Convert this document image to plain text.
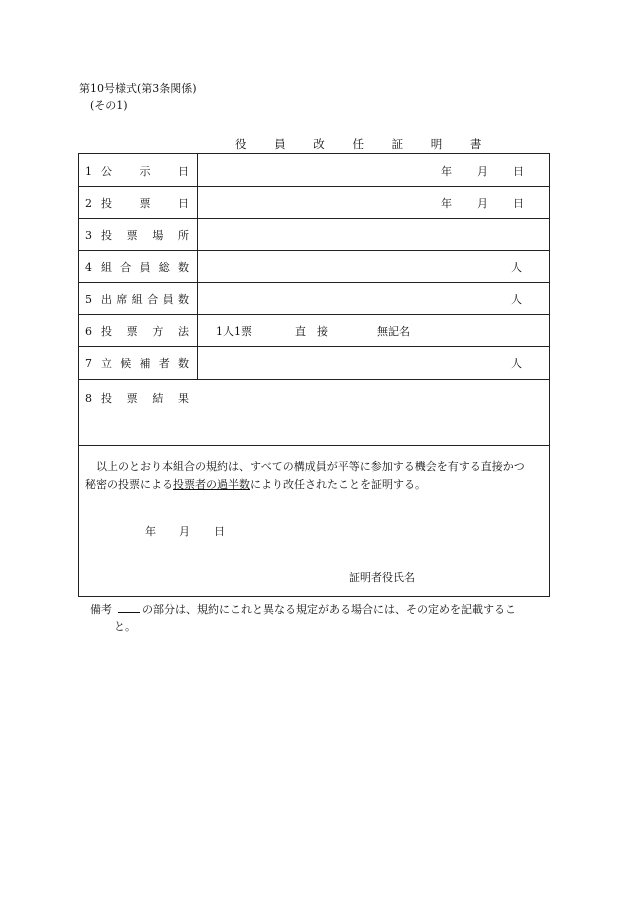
第10号様式(第3条関係)
(その1)
役 員 改 任 証 明 書
1 公示日	年 月 日
2 投票日	年 月 日
3 投票場所
4 組合員総数	人
5 出席組合員数	人
6 投票方法 1人1票	直　接	無記名
7 立候補者数	人
8 投票結果
以上のとおり本組合の規約は、すべての構成員が平等に参加する機会を有する直接かつ
秘密の投票による投票者の過半数により改任されたことを証明する。
年 月 日
証明者役氏名
備考	の部分は、規約にこれと異なる規定がある場合には、その定めを記載するこ
と。
